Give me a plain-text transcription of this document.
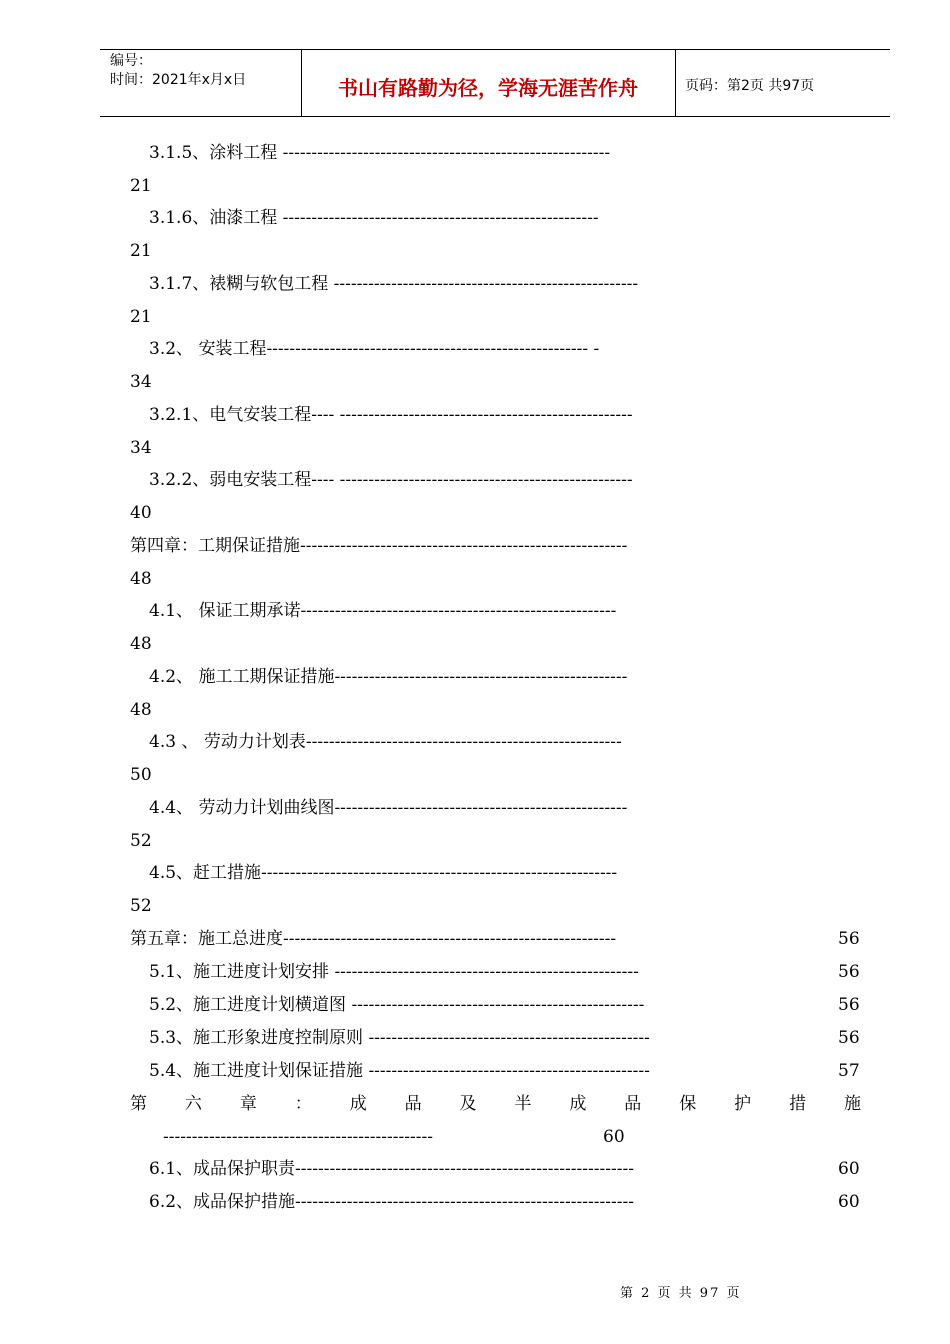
编号：
时间：2021年x月x日	书山有路勤为径，学海无涯苦作舟	页码：第2页 共97页
3.1.5、涂料工程 ---------------------------------------------------------
21
3.1.6、油漆工程 -------------------------------------------------------
21
3.1.7、裱糊与软包工程 -----------------------------------------------------
21
3.2、 安装工程-------------------------------------------------------- -
34
3.2.1、电气安装工程---- ---------------------------------------------------
34
3.2.2、弱电安装工程---- ---------------------------------------------------
40
第四章：工期保证措施---------------------------------------------------------
48
4.1、 保证工期承诺-------------------------------------------------------
48
4.2、 施工工期保证措施---------------------------------------------------
48
4.3 、 劳动力计划表-------------------------------------------------------
50
4.4、 劳动力计划曲线图---------------------------------------------------
52
4.5、赶工措施--------------------------------------------------------------
52
第五章：施工总进度----------------------------------------------------------	56
5.1、施工进度计划安排 -----------------------------------------------------	56
5.2、施工进度计划横道图 ---------------------------------------------------	56
5.3、施工形象进度控制原则 -------------------------------------------------	56
5.4、施工进度计划保证措施 -------------------------------------------------	57
第 六 章 ： 成 品 及 半 成 品 保 护 措 施
-----------------------------------------------	60
6.1、成品保护职责-----------------------------------------------------------	60
6.2、成品保护措施-----------------------------------------------------------	60
第 2 页 共 97 页
